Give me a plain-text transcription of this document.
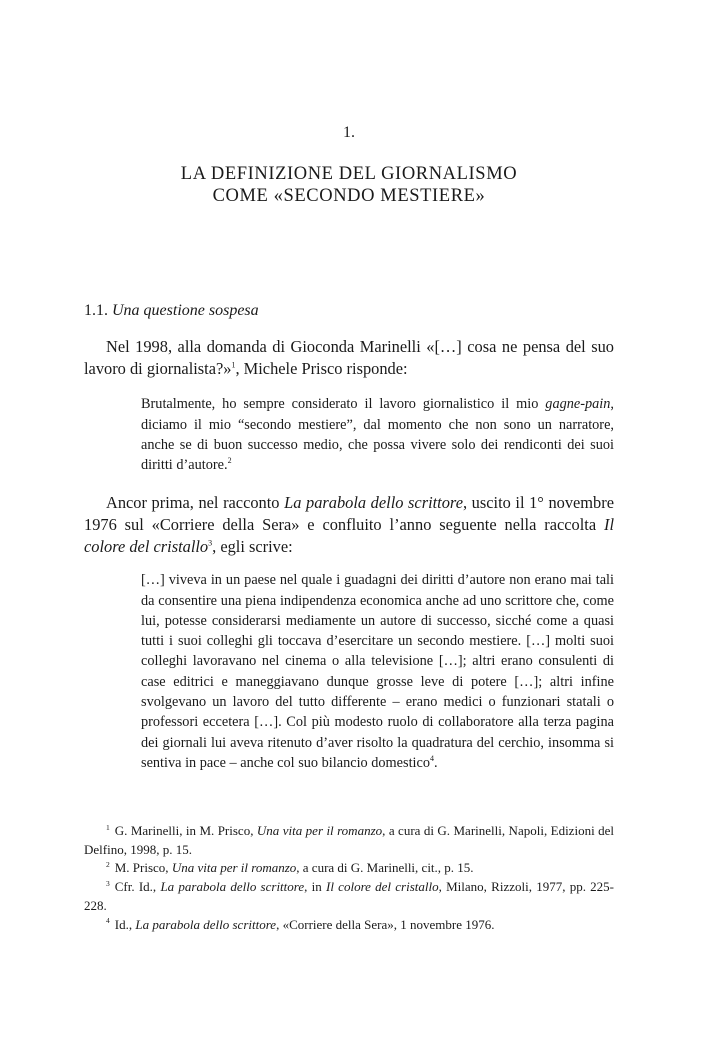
1.
LA DEFINIZIONE DEL GIORNALISMO
COME «SECONDO MESTIERE»
1.1. Una questione sospesa

Nel 1998, alla domanda di Gioconda Marinelli «[…] cosa ne pensa del suo lavoro di giornalista?»$^1$, Michele Prisco risponde:

Brutalmente, ho sempre considerato il lavoro giornalistico il mio gagne-pain, diciamo il mio “secondo mestiere”, dal momento che non sono un narratore, anche se di buon successo medio, che possa vivere solo dei rendiconti dei suoi diritti d’autore.$^2$

Ancor prima, nel racconto La parabola dello scrittore, uscito il 1° novembre 1976 sul «Corriere della Sera» e confluito l’anno seguente nella raccolta Il colore del cristallo$^3$, egli scrive:

[…] viveva in un paese nel quale i guadagni dei diritti d’autore non erano mai tali da consentire una piena indipendenza economica anche ad uno scrittore che, come lui, potesse considerarsi mediamente un autore di successo, sicché come a quasi tutti i suoi colleghi gli toccava d’esercitare un secondo mestiere. […] molti suoi colleghi lavoravano nel cinema o alla televisione […]; altri erano consulenti di case editrici e maneggiavano dunque grosse leve di potere […]; altri infine svolgevano un lavoro del tutto differente – erano medici o funzionari statali o professori eccetera […]. Col più modesto ruolo di collaboratore alla terza pagina dei giornali lui aveva ritenuto d’aver risolto la quadratura del cerchio, insomma si sentiva in pace – anche col suo bilancio domestico$^4$.

$^1$ G. Marinelli, in M. Prisco, Una vita per il romanzo, a cura di G. Marinelli, Napoli, Edizioni del Delfino, 1998, p. 15.

$^2$ M. Prisco, Una vita per il romanzo, a cura di G. Marinelli, cit., p. 15.

$^3$ Cfr. Id., La parabola dello scrittore, in Il colore del cristallo, Milano, Rizzoli, 1977, pp. 225-228.

$^4$ Id., La parabola dello scrittore, «Corriere della Sera», 1 novembre 1976.
